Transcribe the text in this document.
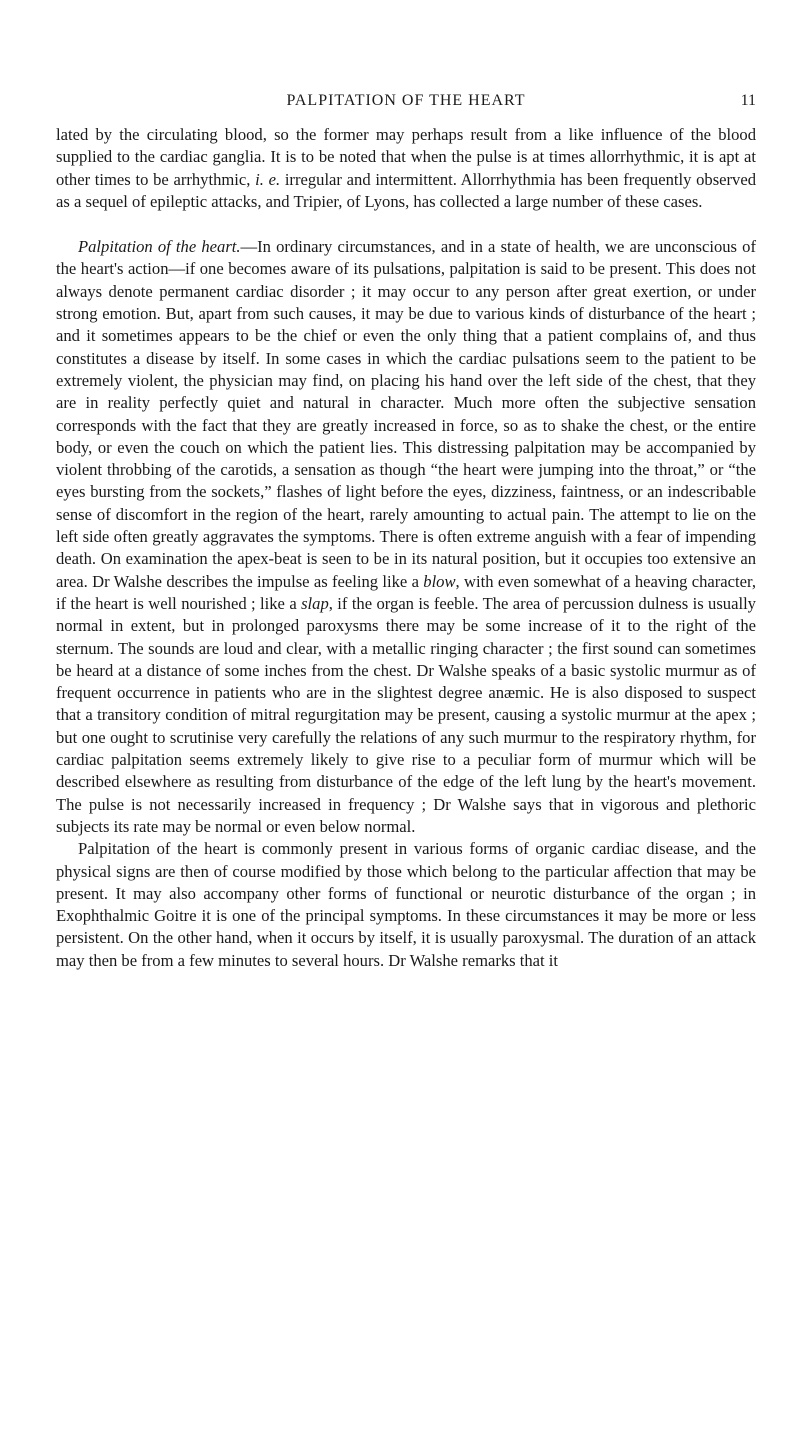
PALPITATION OF THE HEART	11

lated by the circulating blood, so the former may perhaps result from a like influence of the blood supplied to the cardiac ganglia. It is to be noted that when the pulse is at times allorrhythmic, it is apt at other times to be arrhythmic, i. e. irregular and intermittent. Allorrhythmia has been frequently observed as a sequel of epileptic attacks, and Tripier, of Lyons, has collected a large number of these cases.

Palpitation of the heart.—In ordinary circumstances, and in a state of health, we are unconscious of the heart's action—if one becomes aware of its pulsations, palpitation is said to be present. This does not always denote permanent cardiac disorder ; it may occur to any person after great exertion, or under strong emotion. But, apart from such causes, it may be due to various kinds of disturbance of the heart ; and it sometimes appears to be the chief or even the only thing that a patient complains of, and thus constitutes a disease by itself. In some cases in which the cardiac pulsations seem to the patient to be extremely violent, the physician may find, on placing his hand over the left side of the chest, that they are in reality perfectly quiet and natural in character. Much more often the subjective sensation corresponds with the fact that they are greatly increased in force, so as to shake the chest, or the entire body, or even the couch on which the patient lies. This distressing palpitation may be accompanied by violent throbbing of the carotids, a sensation as though “the heart were jumping into the throat,” or “the eyes bursting from the sockets,” flashes of light before the eyes, dizziness, faintness, or an indescribable sense of discomfort in the region of the heart, rarely amounting to actual pain. The attempt to lie on the left side often greatly aggravates the symptoms. There is often extreme anguish with a fear of impending death. On examination the apex-beat is seen to be in its natural position, but it occupies too extensive an area. Dr Walshe describes the impulse as feeling like a blow, with even somewhat of a heaving character, if the heart is well nourished ; like a slap, if the organ is feeble. The area of percussion dulness is usually normal in extent, but in prolonged paroxysms there may be some increase of it to the right of the sternum. The sounds are loud and clear, with a metallic ringing character ; the first sound can sometimes be heard at a distance of some inches from the chest. Dr Walshe speaks of a basic systolic murmur as of frequent occurrence in patients who are in the slightest degree anæmic. He is also disposed to suspect that a transitory condition of mitral regurgitation may be present, causing a systolic murmur at the apex ; but one ought to scrutinise very carefully the relations of any such murmur to the respiratory rhythm, for cardiac palpitation seems extremely likely to give rise to a peculiar form of murmur which will be described elsewhere as resulting from disturbance of the edge of the left lung by the heart's movement. The pulse is not necessarily increased in frequency ; Dr Walshe says that in vigorous and plethoric subjects its rate may be normal or even below normal.

Palpitation of the heart is commonly present in various forms of organic cardiac disease, and the physical signs are then of course modified by those which belong to the particular affection that may be present. It may also accompany other forms of functional or neurotic disturbance of the organ ; in Exophthalmic Goitre it is one of the principal symptoms. In these circumstances it may be more or less persistent. On the other hand, when it occurs by itself, it is usually paroxysmal. The duration of an attack may then be from a few minutes to several hours. Dr Walshe remarks that it
